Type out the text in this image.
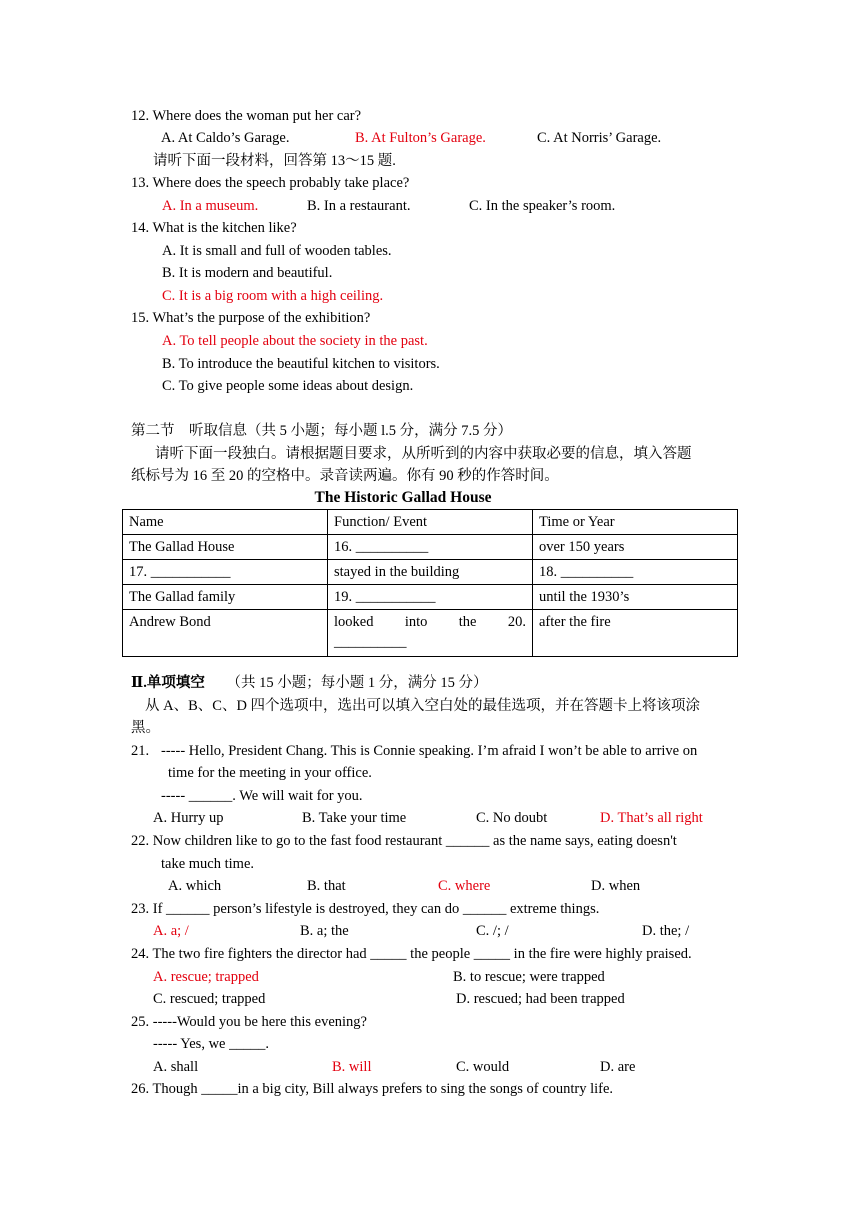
12. Where does the woman put her car?
A. At Caldo’s Garage.	B. At Fulton’s Garage.	C. At Norris’ Garage.
请听下面一段材料，回答第 13～15 题.
13. Where does the speech probably take place?
A. In a museum.	B. In a restaurant.	C. In the speaker’s room.
14. What is the kitchen like?
A. It is small and full of wooden tables.
B. It is modern and beautiful.
C. It is a big room with a high ceiling.
15. What’s the purpose of the exhibition?
A. To tell people about the society in the past.
B. To introduce the beautiful kitchen to visitors.
C. To give people some ideas about design.
第二节　听取信息（共 5 小题；每小题 l.5 分，满分 7.5 分）
请听下面一段独白。请根据题目要求，从所听到的内容中获取必要的信息，填入答题
纸标号为 16 至 20 的空格中。录音读两遍。你有 90 秒的作答时间。
The Historic Gallad House
Name	Function/ Event	Time or Year
The Gallad House	16. __________	over 150 years
17. ___________	stayed in the building	18. __________
The Gallad family	19. ___________	until the 1930’s
Andrew Bond	looked into the 20.
__________	after the fire
Ⅱ.单项填空 （共 15 小题；每小题 1 分，满分 15 分）
从 A、B、C、D 四个选项中，选出可以填入空白处的最佳选项，并在答题卡上将该项涂
黑。
21. ----- Hello, President Chang. This is Connie speaking. I’m afraid I won’t be able to arrive on
time for the meeting in your office.
----- ______. We will wait for you.
A. Hurry up	B. Take your time	C. No doubt	D. That’s all right
22. Now children like to go to the fast food restaurant ______ as the name says, eating doesn't
take much time.
A. which	B. that	C. where	D. when
23. If ______ person’s lifestyle is destroyed, they can do ______ extreme things.
A. a; /	B. a; the	C. /; /	D. the; /
24. The two fire fighters the director had _____ the people _____ in the fire were highly praised.
A. rescue; trapped	B. to rescue; were trapped
C. rescued; trapped	D. rescued; had been trapped
25. -----Would you be here this evening?
----- Yes, we _____.
A. shall	B. will	C. would	D. are
26. Though _____in a big city, Bill always prefers to sing the songs of country life.
